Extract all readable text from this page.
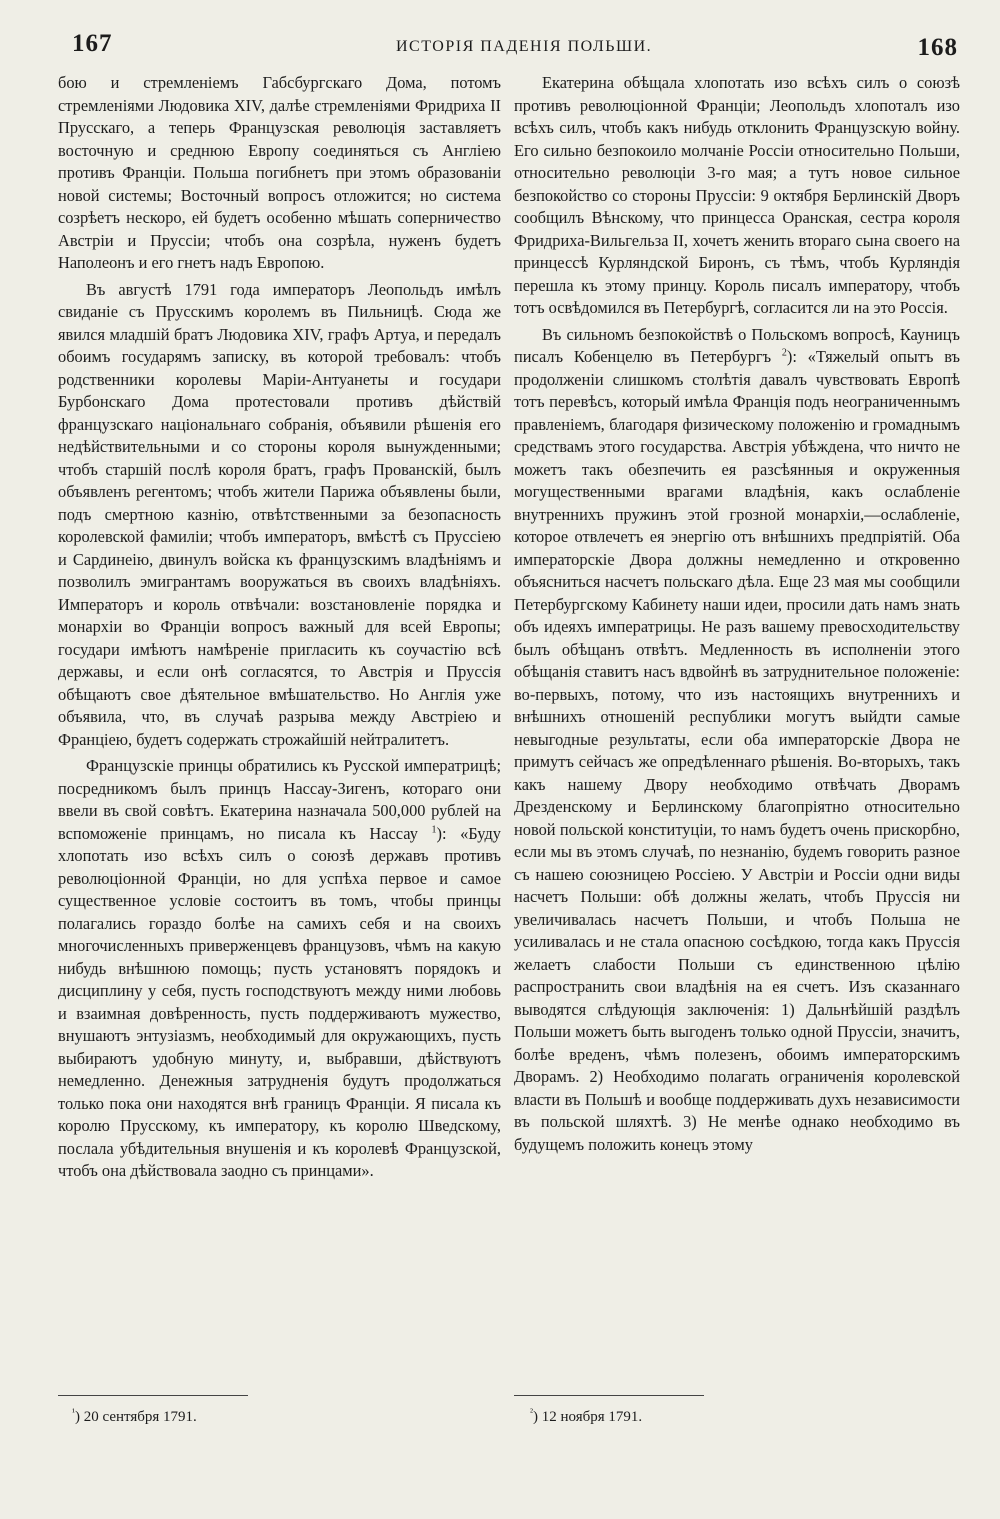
167	ИСТОРІЯ ПАДЕНІЯ ПОЛЬШИ.	168

бою и стремленіемъ Габсбургскаго Дома, потомъ стремленіями Людовика XIV, далѣе стремленіями Фридриха II Прусскаго, а теперь Французская революція заставляетъ восточную и среднюю Европу соединяться съ Англіею противъ Франціи. Польша погибнетъ при этомъ образованіи новой системы; Восточный вопросъ отложится; но система созрѣетъ нескоро, ей будетъ особенно мѣшать соперничество Австріи и Пруссіи; чтобъ она созрѣла, нуженъ будетъ Наполеонъ и его гнетъ надъ Европою.

Въ августѣ 1791 года императоръ Леопольдъ имѣлъ свиданіе съ Прусскимъ королемъ въ Пильницѣ. Сюда же явился младшій братъ Людовика XIV, графъ Артуа, и передалъ обоимъ государямъ записку, въ которой требовалъ: чтобъ родственники королевы Маріи-Антуанеты и государи Бурбонскаго Дома протестовали противъ дѣйствій французскаго національнаго собранія, объявили рѣшенія его недѣйствительными и со стороны короля вынужденными; чтобъ старшій послѣ короля братъ, графъ Прованскій, былъ объявленъ регентомъ; чтобъ жители Парижа объявлены были, подъ смертною казнію, отвѣтственными за безопасность королевской фамиліи; чтобъ императоръ, вмѣстѣ съ Пруссіею и Сардинеію, двинулъ войска къ французскимъ владѣніямъ и позволилъ эмигрантамъ вооружаться въ своихъ владѣніяхъ. Императоръ и король отвѣчали: возстановленіе порядка и монархіи во Франціи вопросъ важный для всей Европы; государи имѣютъ намѣреніе пригласить къ соучастію всѣ державы, и если онѣ согласятся, то Австрія и Пруссія обѣщаютъ свое дѣятельное вмѣшательство. Но Англія уже объявила, что, въ случаѣ разрыва между Австріею и Франціею, будетъ содержать строжайшій нейтралитетъ.

Французскіе принцы обратились къ Русской императрицѣ; посредникомъ былъ принцъ Нассау-Зигенъ, котораго они ввели въ свой совѣтъ. Екатерина назначала 500,000 рублей на вспоможеніе принцамъ, но писала къ Нассау $^1$): «Буду хлопотать изо всѣхъ силъ о союзѣ державъ противъ революціонной Франціи, но для успѣха первое и самое существенное условіе состоитъ въ томъ, чтобы принцы полагались гораздо болѣе на самихъ себя и на своихъ многочисленныхъ приверженцевъ французовъ, чѣмъ на какую нибудь внѣшнюю помощь; пусть установятъ порядокъ и дисциплину у себя, пусть господствуютъ между ними любовь и взаимная довѣренность, пусть поддерживаютъ мужество, внушаютъ энтузіазмъ, необходимый для окружающихъ, пусть выбираютъ удобную минуту, и, выбравши, дѣйствуютъ немедленно. Денежныя затрудненія будутъ продолжаться только пока они находятся внѣ границъ Франціи. Я писала къ королю Прусскому, къ императору, къ королю Шведскому, послала убѣдительныя внушенія и къ королевѣ Французской, чтобъ она дѣйствовала заодно съ принцами».

Екатерина обѣщала хлопотать изо всѣхъ силъ о союзѣ противъ революціонной Франціи; Леопольдъ хлопоталъ изо всѣхъ силъ, чтобъ какъ нибудь отклонить Французскую войну. Его сильно безпокоило молчаніе Россіи относительно Польши, относительно революціи 3-го мая; а тутъ новое сильное безпокойство со стороны Пруссіи: 9 октября Берлинскій Дворъ сообщилъ Вѣнскому, что принцесса Оранская, сестра короля Фридриха-Вильгельза II, хочетъ женить втораго сына своего на принцессѣ Курляндской Биронъ, съ тѣмъ, чтобъ Курляндія перешла къ этому принцу. Король писалъ императору, чтобъ тотъ освѣдомился въ Петербургѣ, согласится ли на это Россія.

Въ сильномъ безпокойствѣ о Польскомъ вопросѣ, Кауницъ писалъ Кобенцелю въ Петербургъ $^2$): «Тяжелый опытъ въ продолженіи слишкомъ столѣтія давалъ чувствовать Европѣ тотъ перевѣсъ, который имѣла Франція подъ неограниченнымъ правленіемъ, благодаря физическому положенію и громаднымъ средствамъ этого государства. Австрія убѣждена, что ничто не можетъ такъ обезпечить ея разсѣянныя и окруженныя могущественными врагами владѣнія, какъ ослабленіе внутреннихъ пружинъ этой грозной монархіи,—ослабленіе, которое отвлечетъ ея энергію отъ внѣшнихъ предпріятій. Оба императорскіе Двора должны немедленно и откровенно объясниться насчетъ польскаго дѣла. Еще 23 мая мы сообщили Петербургскому Кабинету наши идеи, просили дать намъ знать объ идеяхъ императрицы. Не разъ вашему превосходительству былъ обѣщанъ отвѣтъ. Медленность въ исполненіи этого обѣщанія ставитъ насъ вдвойнѣ въ затруднительное положеніе: во-первыхъ, потому, что изъ настоящихъ внутреннихъ и внѣшнихъ отношеній республики могутъ выйдти самые невыгодные результаты, если оба императорскіе Двора не примутъ сейчасъ же опредѣленнаго рѣшенія. Во-вторыхъ, такъ какъ нашему Двору необходимо отвѣчать Дворамъ Дрезденскому и Берлинскому благопріятно относительно новой польской конституціи, то намъ будетъ очень прискорбно, если мы въ этомъ случаѣ, по незнанію, будемъ говорить разное съ нашею союзницею Россіею. У Австріи и Россіи одни виды насчетъ Польши: обѣ должны желать, чтобъ Пруссія ни увеличивалась насчетъ Польши, и чтобъ Польша не усиливалась и не стала опасною сосѣдкою, тогда какъ Пруссія желаетъ слабости Польши съ единственною цѣлію распространить свои владѣнія на ея счетъ. Изъ сказаннаго выводятся слѣдующія заключенія: 1) Дальнѣйшій раздѣлъ Польши можетъ быть выгоденъ только одной Пруссіи, значитъ, болѣе вреденъ, чѣмъ полезенъ, обоимъ императорскимъ Дворамъ. 2) Необходимо полагать ограниченія королевской власти въ Польшѣ и вообще поддерживать духъ независимости въ польской шляхтѣ. 3) Не менѣе однако необходимо въ будущемъ положить конецъ этому

$^{^1}$) 20 сентября 1791.	$^{^2}$) 12 ноября 1791.
